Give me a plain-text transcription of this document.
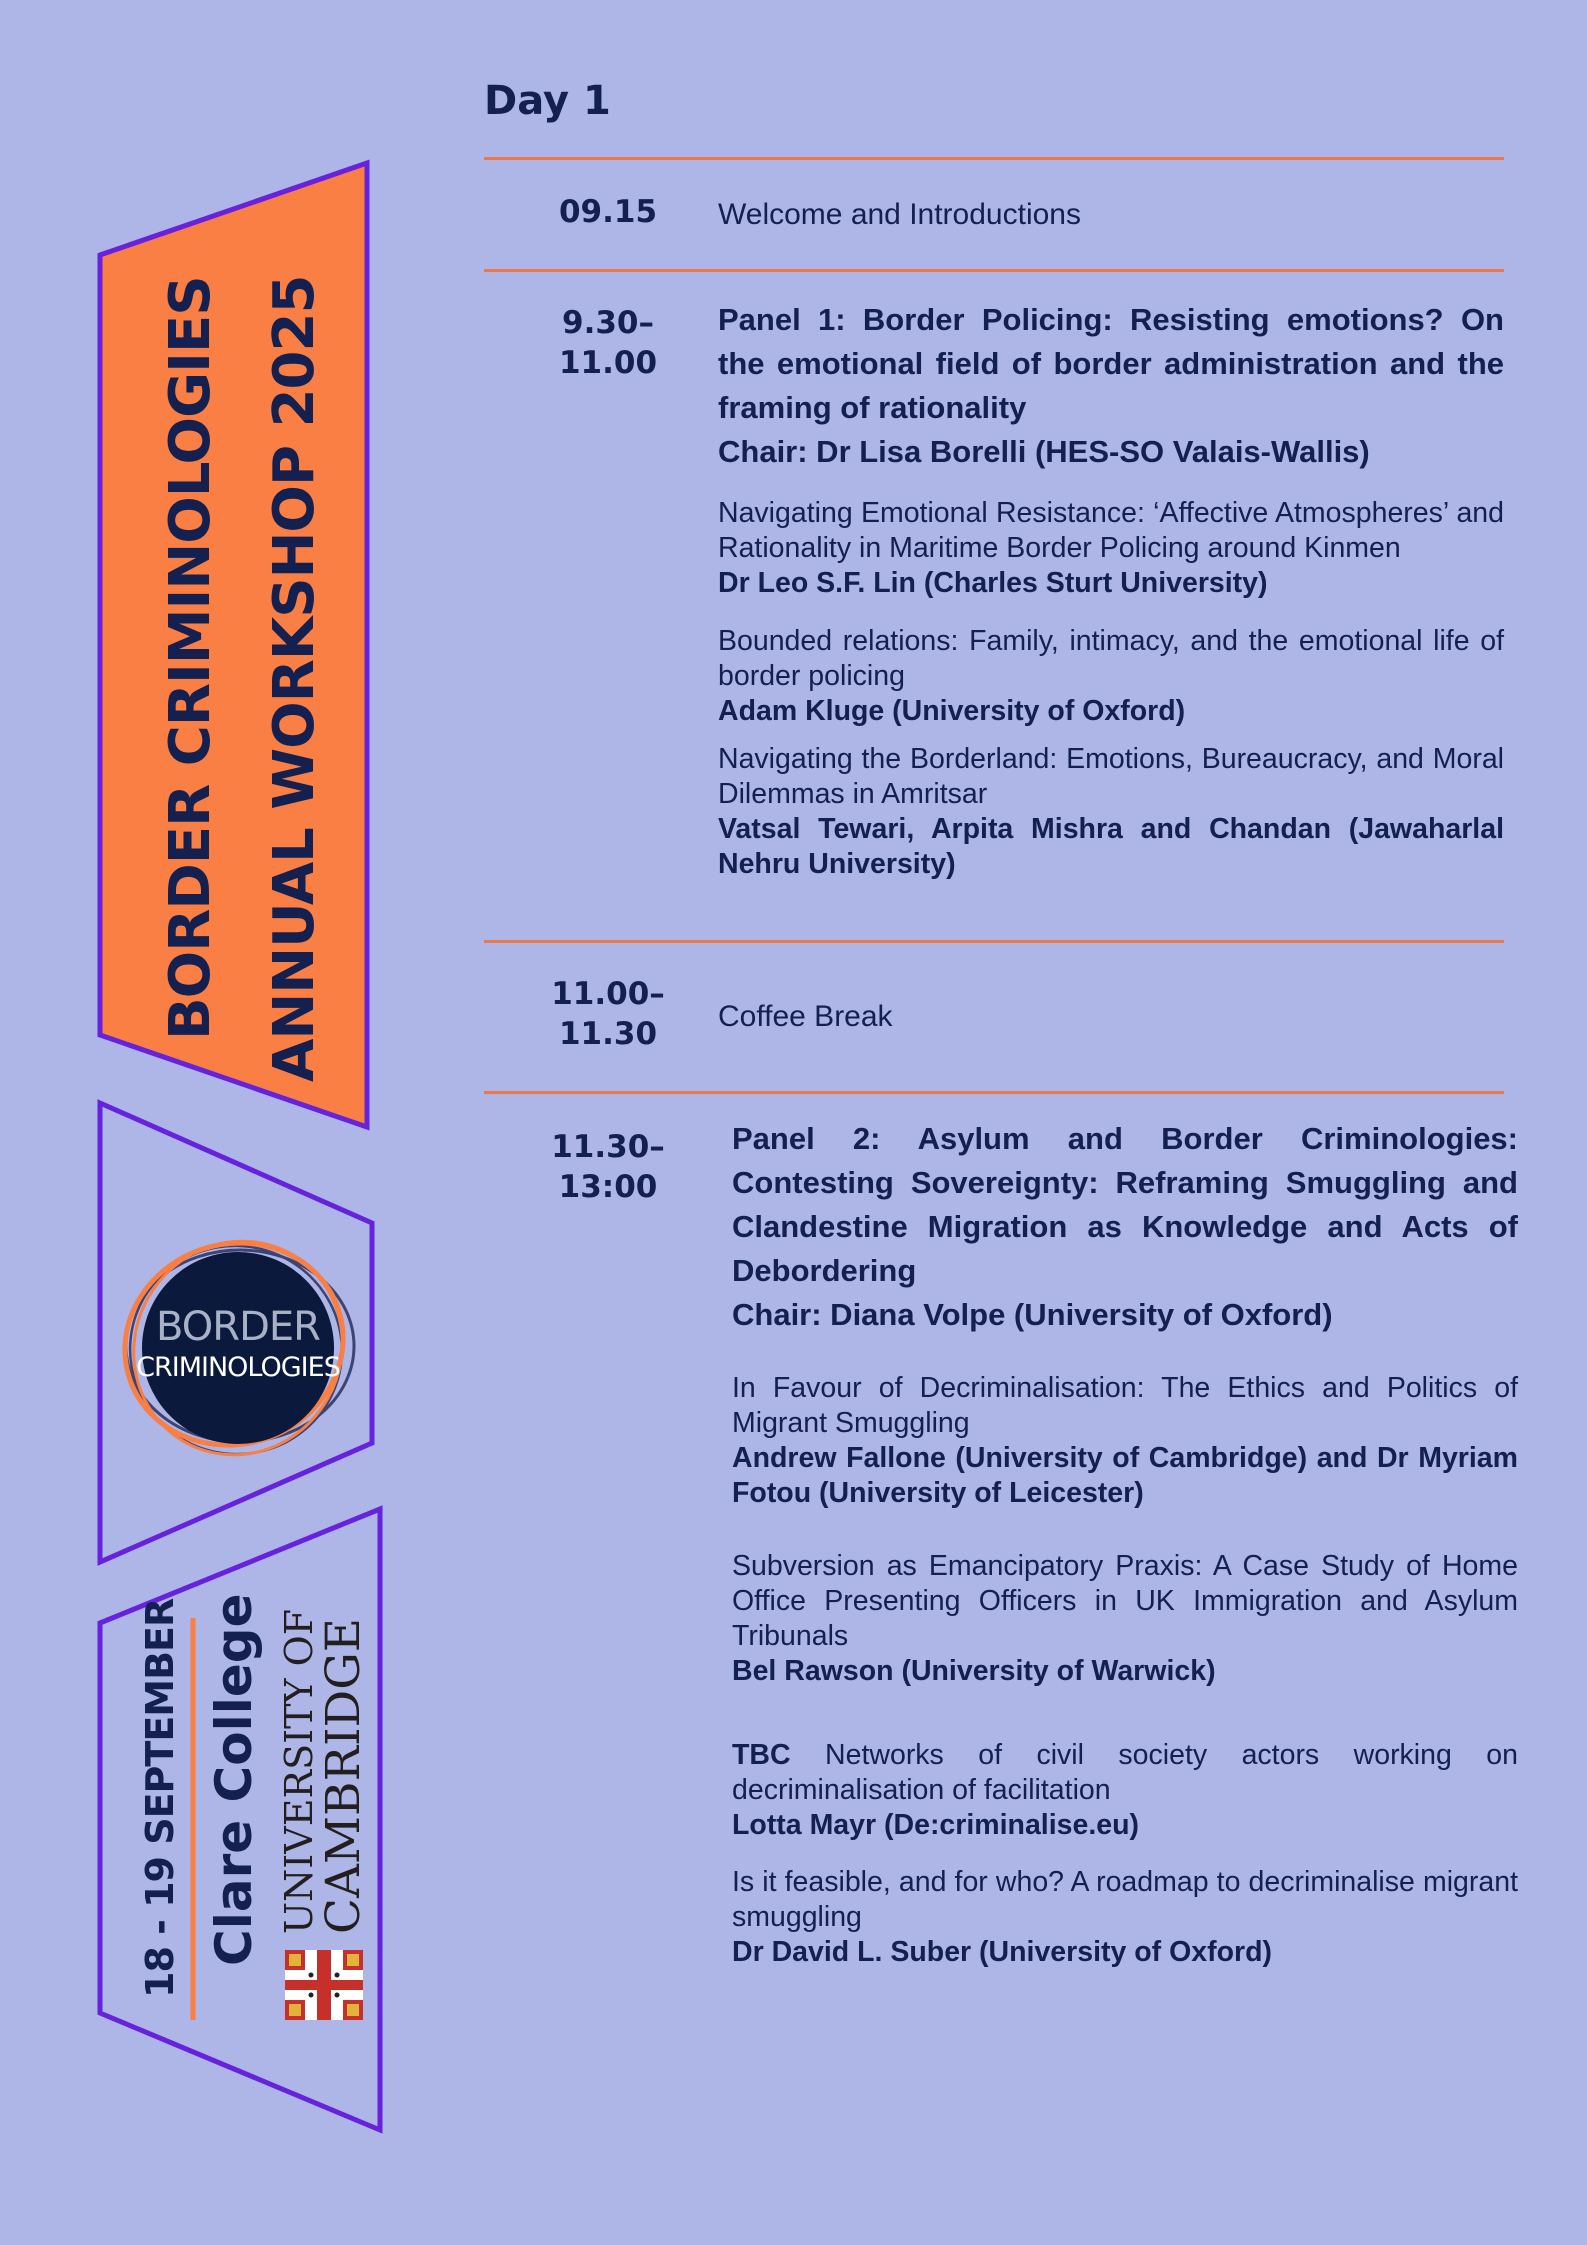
BORDER CRIMINOLOGIES ANNUAL WORKSHOP 2025
BORDER
CRIMINOLOGIES
18 - 19 SEPTEMBER Clare College UNIVERSITY OF
CAMBRIDGE
Day 1
09.15	Welcome and Introductions
9.30–
11.00
Panel 1: Border Policing: Resisting emotions? On the emotional field of border administration and the framing of rationality
Chair: Dr Lisa Borelli (HES-SO Valais-Wallis)
Navigating Emotional Resistance: ‘Affective Atmospheres’ and Rationality in Maritime Border Policing around Kinmen
Dr Leo S.F. Lin (Charles Sturt University)
Bounded relations: Family, intimacy, and the emotional life of border policing
Adam Kluge (University of Oxford)
Navigating the Borderland: Emotions, Bureaucracy, and Moral Dilemmas in Amritsar
Vatsal Tewari, Arpita Mishra and Chandan (Jawaharlal Nehru University)
11.00–
11.30	Coffee Break
11.30–
13:00
Panel 2: Asylum and Border Criminologies: Contesting Sovereignty: Reframing Smuggling and Clandestine Migration as Knowledge and Acts of Debordering
Chair: Diana Volpe (University of Oxford)
In Favour of Decriminalisation: The Ethics and Politics of Migrant Smuggling
Andrew Fallone (University of Cambridge) and Dr Myriam Fotou (University of Leicester)
Subversion as Emancipatory Praxis: A Case Study of Home Office Presenting Officers in UK Immigration and Asylum Tribunals
Bel Rawson (University of Warwick)
TBC Networks of civil society actors working on decriminalisation of facilitation
Lotta Mayr (De:criminalise.eu)
Is it feasible, and for who? A roadmap to decriminalise migrant smuggling
Dr David L. Suber (University of Oxford)
